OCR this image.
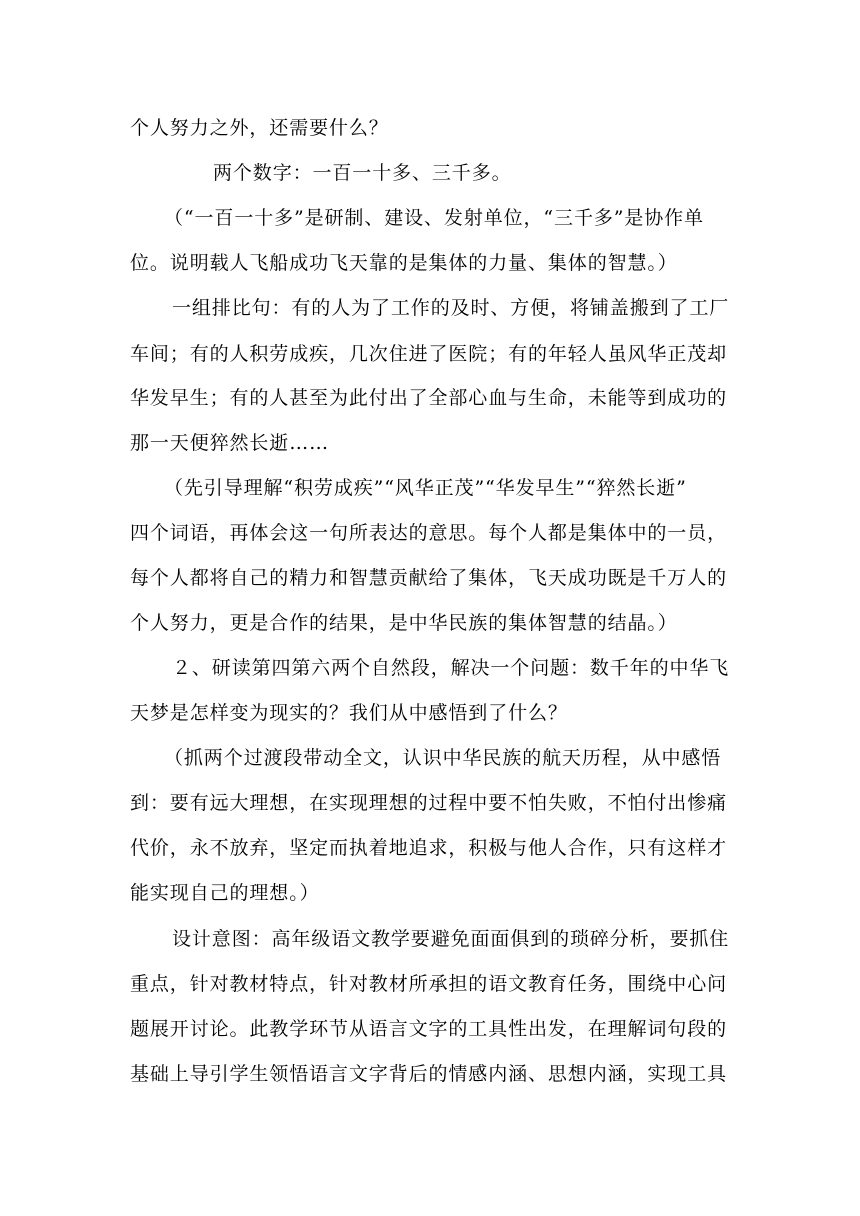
个人努力之外，还需要什么？
两个数字：一百一十多、三千多。
（“一百一十多”是研制、建设、发射单位，“三千多”是协作单
位。说明载人飞船成功飞天靠的是集体的力量、集体的智慧。）
一组排比句：有的人为了工作的及时、方便，将铺盖搬到了工厂
车间；有的人积劳成疾，几次住进了医院；有的年轻人虽风华正茂却
华发早生；有的人甚至为此付出了全部心血与生命，未能等到成功的
那一天便猝然长逝……
（先引导理解“积劳成疾”“风华正茂”“华发早生”“猝然长逝”
四个词语，再体会这一句所表达的意思。每个人都是集体中的一员，
每个人都将自己的精力和智慧贡献给了集体，飞天成功既是千万人的
个人努力，更是合作的结果，是中华民族的集体智慧的结晶。）
２、研读第四第六两个自然段，解决一个问题：数千年的中华飞
天梦是怎样变为现实的？我们从中感悟到了什么？
（抓两个过渡段带动全文，认识中华民族的航天历程，从中感悟
到：要有远大理想，在实现理想的过程中要不怕失败，不怕付出惨痛
代价，永不放弃，坚定而执着地追求，积极与他人合作，只有这样才
能实现自己的理想。）
设计意图：高年级语文教学要避免面面俱到的琐碎分析，要抓住
重点，针对教材特点，针对教材所承担的语文教育任务，围绕中心问
题展开讨论。此教学环节从语言文字的工具性出发，在理解词句段的
基础上导引学生领悟语言文字背后的情感内涵、思想内涵，实现工具
